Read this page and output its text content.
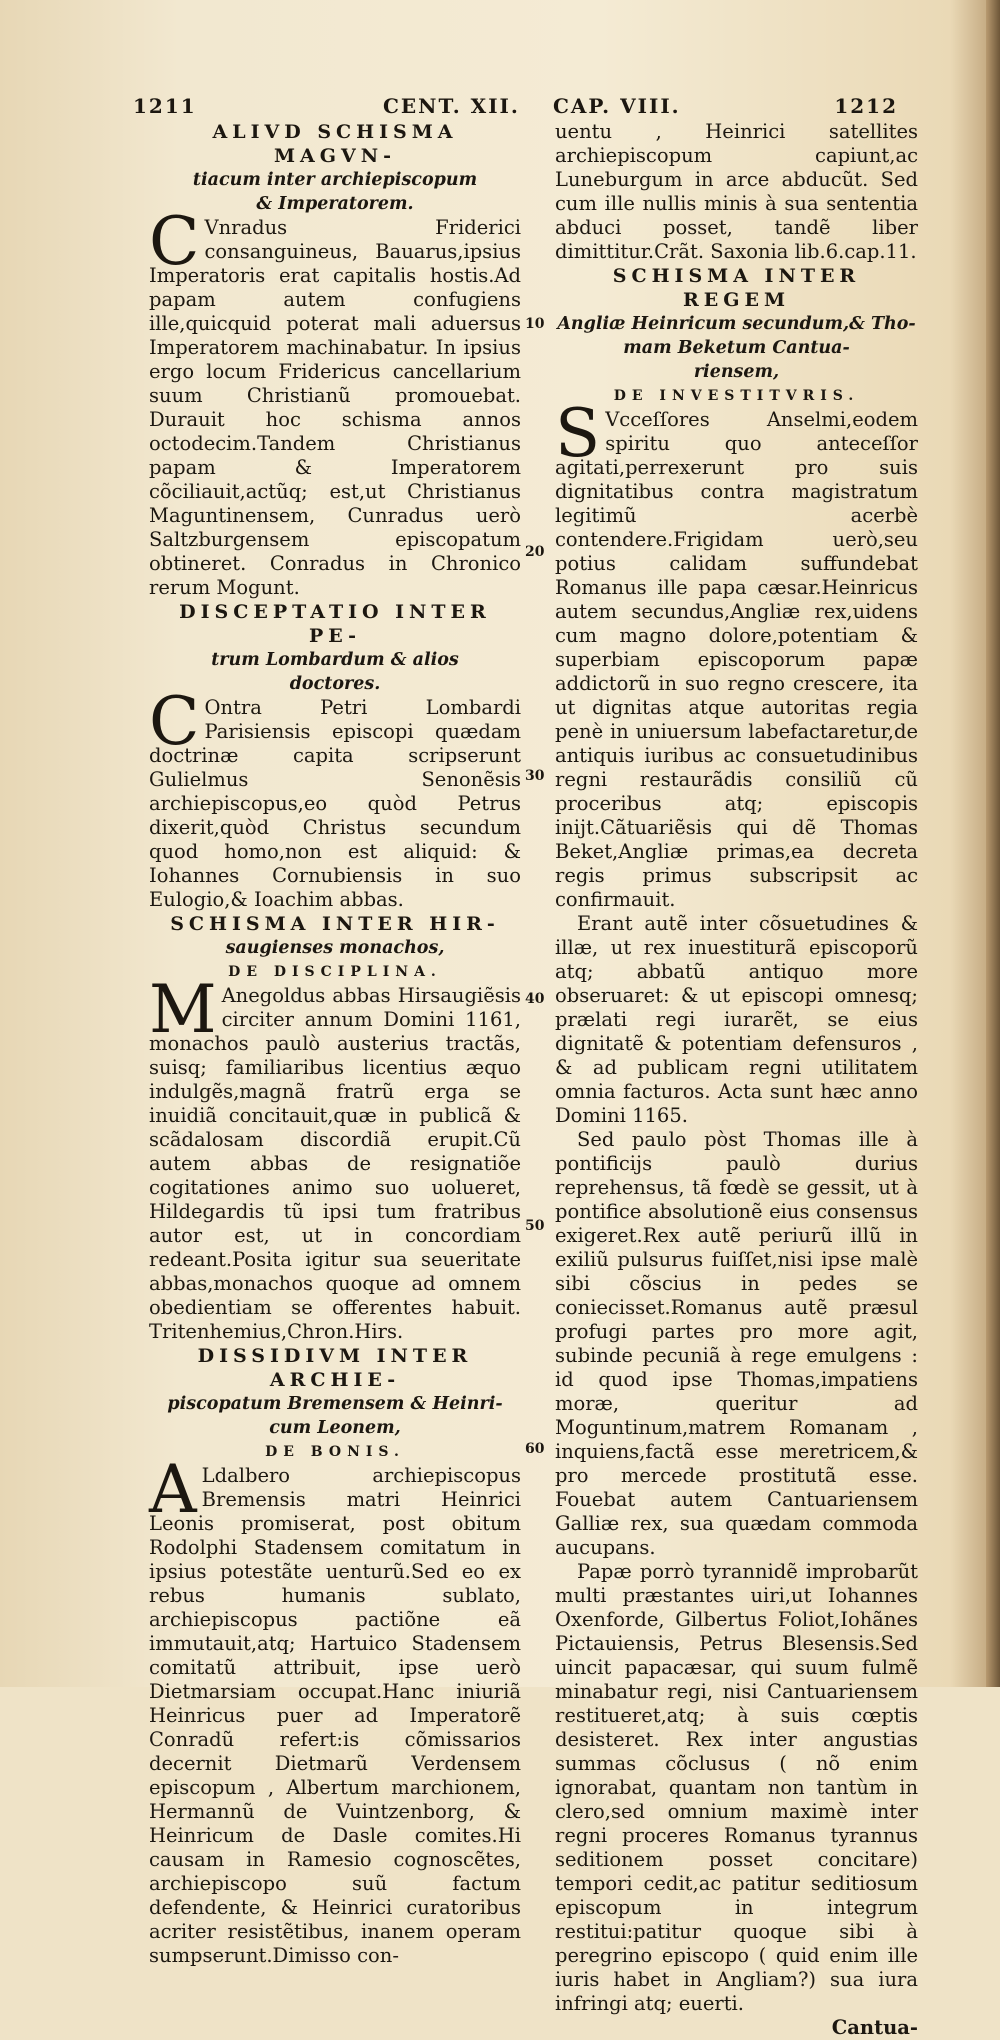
1211	CENT. XII. CAP. VIII.	1212

ALIVD SCHISMA MAGVN-

tiacum inter archiepiscopum

& Imperatorem.

C Vnradus Friderici consanguineus, Bauarus,ipsius Imperatoris erat capitalis hostis.Ad papam autem confugiens ille,quicquid poterat mali aduersus Imperatorem machinabatur. In ipsius ergo locum Fridericus cancellarium suum Christianũ promouebat. Durauit hoc schisma annos octodecim.Tandem Christianus papam & Imperatorem cõciliauit,actũq; est,ut Christianus Maguntinensem, Cunradus uerò Saltzburgensem episcopatum obtineret. Conradus in Chronico rerum Mogunt.

DISCEPTATIO INTER PE-

trum Lombardum & alios

doctores.

C Ontra Petri Lombardi Parisiensis episcopi quædam doctrinæ capita scripserunt Gulielmus Senonẽsis archiepiscopus,eo quòd Petrus dixerit,quòd Christus secundum quod homo,non est aliquid: & Iohannes Cornubiensis in suo Eulogio,& Ioachim abbas.

SCHISMA INTER HIR-

saugienses monachos,

DE DISCIPLINA.

M Anegoldus abbas Hirsaugiẽsis circiter annum Domini 1161, monachos paulò austerius tractãs, suisq; familiaribus licentius æquo indulgẽs,magnã fratrũ erga se inuidiã concitauit,quæ in publicã & scãdalosam discordiã erupit.Cũ autem abbas de resignatiõe cogitationes animo suo uolueret, Hildegardis tũ ipsi tum fratribus autor est, ut in concordiam redeant.Posita igitur sua seueritate abbas,monachos quoque ad omnem obedientiam se offerentes habuit. Tritenhemius,Chron.Hirs.

DISSIDIVM INTER ARCHIE-

piscopatum Bremensem & Heinri-

cum Leonem,

DE BONIS.

A Ldalbero archiepiscopus Bremensis matri Heinrici Leonis promiserat, post obitum Rodolphi Stadensem comitatum in ipsius potestãte uenturũ.Sed eo ex rebus humanis sublato, archiepiscopus pactiõne eã immutauit,atq; Hartuico Stadensem comitatũ attribuit, ipse uerò Dietmarsiam occupat.Hanc iniuriã Heinricus puer ad Imperatorẽ Conradũ refert:is cõmissarios decernit Dietmarũ Verdensem episcopum , Albertum marchionem, Hermannũ de Vuintzenborg, & Heinricum de Dasle comites.Hi causam in Ramesio cognoscẽtes, archiepiscopo suũ factum defendente, & Heinrici curatoribus acriter resistẽtibus, inanem operam sumpserunt.Dimisso con-

uentu , Heinrici satellites archiepiscopum capiunt,ac Luneburgum in arce abducũt. Sed cum ille nullis minis à sua sententia abduci posset, tandẽ liber dimittitur.Crãt. Saxonia lib.6.cap.11.

SCHISMA INTER REGEM

Angliæ Heinricum secundum,& Tho-

mam Beketum Cantua-

riensem,

DE INVESTITVRIS.

S Vcceſſores Anselmi,eodem spiritu quo anteceſſor agitati,perrexerunt pro suis dignitatibus contra magistratum legitimũ acerbè contendere.Frigidam uerò,seu potius calidam suffundebat Romanus ille papa cæsar.Heinricus autem secundus,Angliæ rex,uidens cum magno dolore,potentiam & superbiam episcoporum papæ addictorũ in suo regno crescere, ita ut dignitas atque autoritas regia penè in uniuersum labefactaretur,de antiquis iuribus ac consuetudinibus regni restaurãdis consiliũ cũ proceribus atq; episcopis iniјt.Cãtuariẽsis qui dẽ Thomas Beket,Angliæ primas,ea decreta regis primus subscripsit ac confirmauit.

Erant autẽ inter cõsuetudines & illæ, ut rex inuestiturã episcoporũ atq; abbatũ antiquo more obseruaret: & ut episcopi omnesq; prælati regi iurarẽt, se eius dignitatẽ & potentiam defensuros , & ad publicam regni utilitatem omnia facturos. Acta sunt hæc anno Domini 1165.

Sed paulo pòst Thomas ille à pontificijs paulò durius reprehensus, tã fœdè se gessit, ut à pontifice absolutionẽ eius consensus exigeret.Rex autẽ periurũ illũ in exiliũ pulsurus fuiſſet,nisi ipse malè sibi cõscius in pedes se coniecisset.Romanus autẽ præsul profugi partes pro more agit, subinde pecuniã à rege emulgens : id quod ipse Thomas,impatiens moræ, queritur ad Moguntinum,matrem Romanam , inquiens,factã esse meretricem,& pro mercede prostitutã esse. Fouebat autem Cantuariensem Galliæ rex, sua quædam commoda aucupans.

Papæ porrò tyrannidẽ improbarũt multi præstantes uiri,ut Iohannes Oxenforde, Gilbertus Foliot,Iohãnes Pictauiensis, Petrus Blesensis.Sed uincit papacæsar, qui suum fulmẽ minabatur regi, nisi Cantuariensem restitueret,atq; à suis cœptis desisteret. Rex inter angustias summas cõclusus ( nõ enim ignorabat, quantam non tantùm in clero,sed omnium maximè inter regni proceres Romanus tyrannus seditionem posset concitare) tempori cedit,ac patitur seditiosum episcopum in integrum restitui:patitur quoque sibi à peregrino episcopo ( quid enim ille iuris habet in Angliam?) sua iura infringi atq; euerti.

Cantua-

10
20
30
40
50
60
